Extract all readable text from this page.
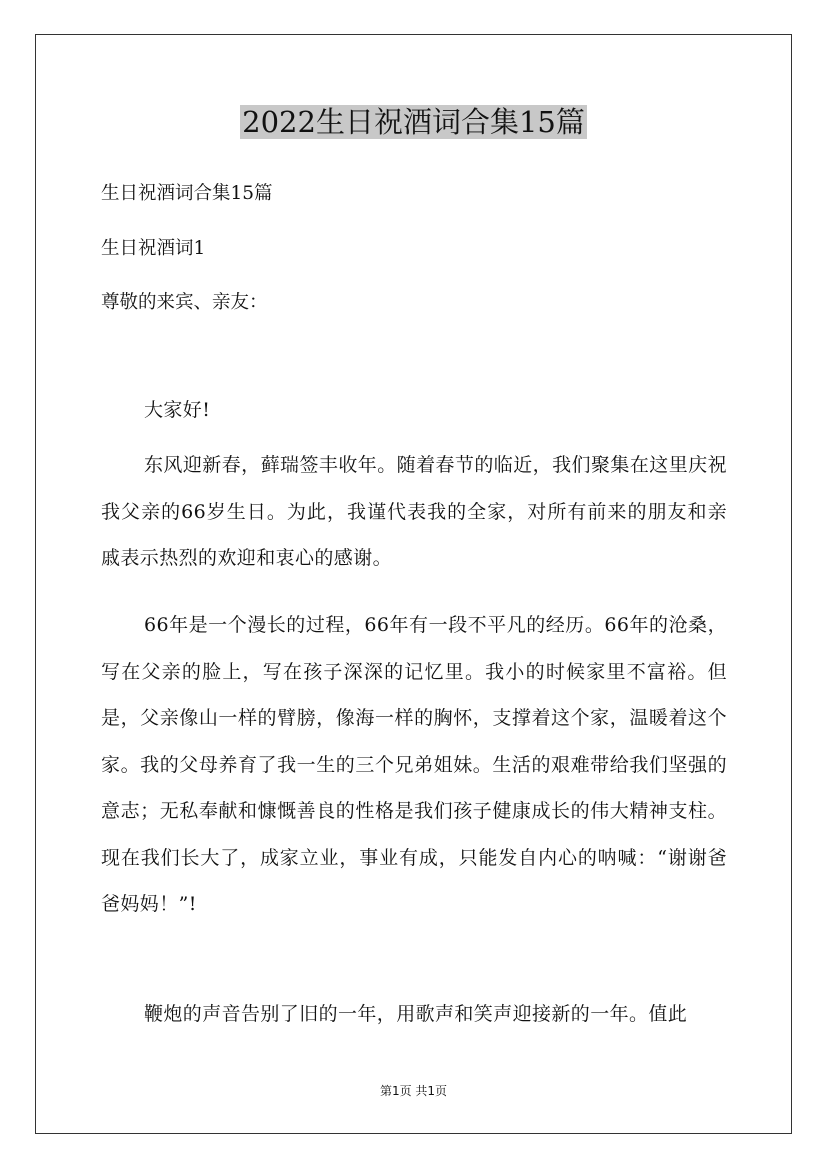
2022生日祝酒词合集15篇
生日祝酒词合集15篇
生日祝酒词1
尊敬的来宾、亲友：
大家好!
东风迎新春，藓瑞签丰收年。随着春节的临近，我们聚集在这里庆祝我父亲的66岁生日。为此，我谨代表我的全家，对所有前来的朋友和亲戚表示热烈的欢迎和衷心的感谢。
66年是一个漫长的过程，66年有一段不平凡的经历。66年的沧桑，写在父亲的脸上，写在孩子深深的记忆里。我小的时候家里不富裕。但是，父亲像山一样的臂膀，像海一样的胸怀，支撑着这个家，温暖着这个家。我的父母养育了我一生的三个兄弟姐妹。生活的艰难带给我们坚强的意志；无私奉献和慷慨善良的性格是我们孩子健康成长的伟大精神支柱。现在我们长大了，成家立业，事业有成，只能发自内心的呐喊：“谢谢爸爸妈妈！”!
鞭炮的声音告别了旧的一年，用歌声和笑声迎接新的一年。值此
第1页 共1页
